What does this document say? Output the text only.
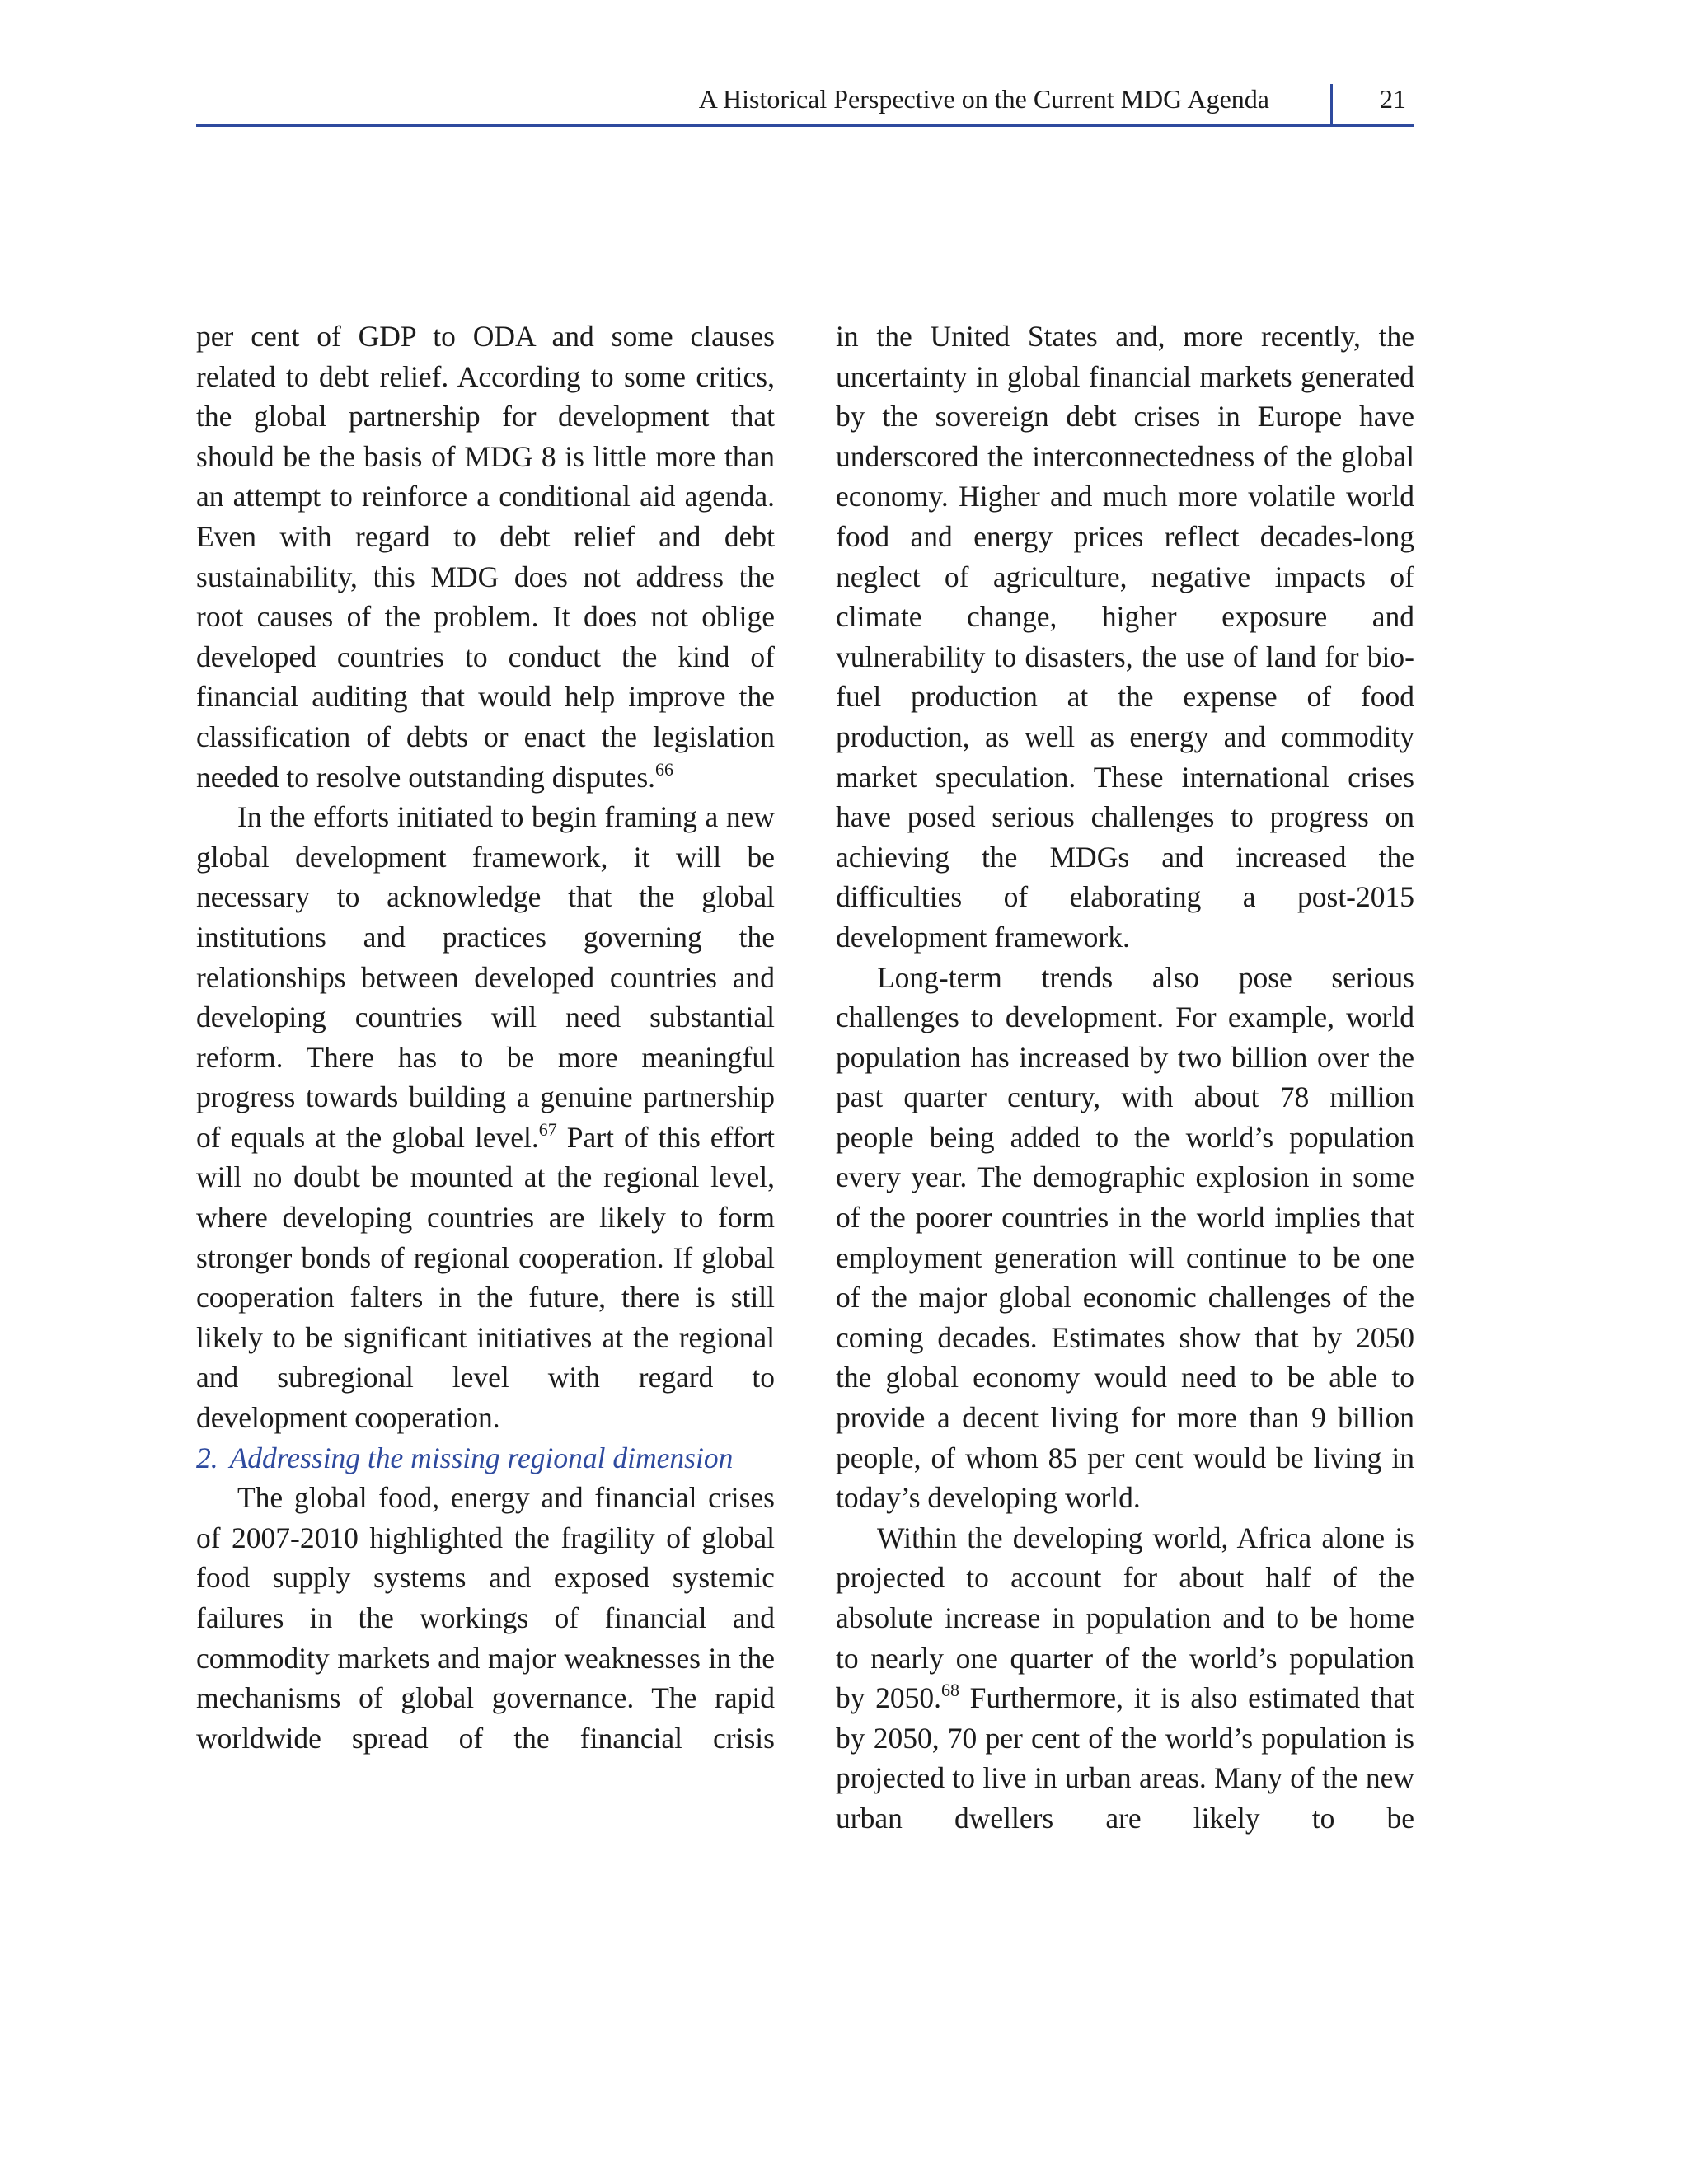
A Historical Perspective on the Current MDG Agenda	21

per cent of GDP to ODA and some clauses related to debt relief. According to some critics, the global partnership for development that should be the basis of MDG 8 is little more than an attempt to reinforce a conditional aid agenda. Even with regard to debt relief and debt sustainability, this MDG does not address the root causes of the problem. It does not oblige developed countries to conduct the kind of financial auditing that would help improve the classification of debts or enact the legislation needed to resolve outstanding disputes.$^{66}$

In the efforts initiated to begin framing a new global development framework, it will be necessary to acknowledge that the global institutions and practices governing the relationships between developed countries and developing countries will need substantial reform. There has to be more meaningful progress towards building a genuine partnership of equals at the global level.$^{67}$ Part of this effort will no doubt be mounted at the regional level, where developing countries are likely to form stronger bonds of regional cooperation. If global cooperation falters in the future, there is still likely to be significant initiatives at the regional and subregional level with regard to development cooperation.

2. Addressing the missing regional dimension

The global food, energy and financial crises of 2007-2010 highlighted the fragility of global food supply systems and exposed systemic failures in the workings of financial and commodity markets and major weaknesses in the mechanisms of global governance. The rapid worldwide spread of the financial crisis

in the United States and, more recently, the uncertainty in global financial markets generated by the sovereign debt crises in Europe have underscored the interconnectedness of the global economy. Higher and much more volatile world food and energy prices reflect decades-long neglect of agriculture, negative impacts of climate change, higher exposure and vulnerability to disasters, the use of land for bio-fuel production at the expense of food production, as well as energy and commodity market speculation. These international crises have posed serious challenges to progress on achieving the MDGs and increased the difficulties of elaborating a post-2015 development framework.

Long-term trends also pose serious challenges to development. For example, world population has increased by two billion over the past quarter century, with about 78 million people being added to the world’s population every year. The demographic explosion in some of the poorer countries in the world implies that employment generation will continue to be one of the major global economic challenges of the coming decades. Estimates show that by 2050 the global economy would need to be able to provide a decent living for more than 9 billion people, of whom 85 per cent would be living in today’s developing world.

Within the developing world, Africa alone is projected to account for about half of the absolute increase in population and to be home to nearly one quarter of the world’s population by 2050.68 Furthermore, it is also estimated that by 2050, 70 per cent of the world’s population is projected to live in urban areas. Many of the new urban dwellers are likely to be
